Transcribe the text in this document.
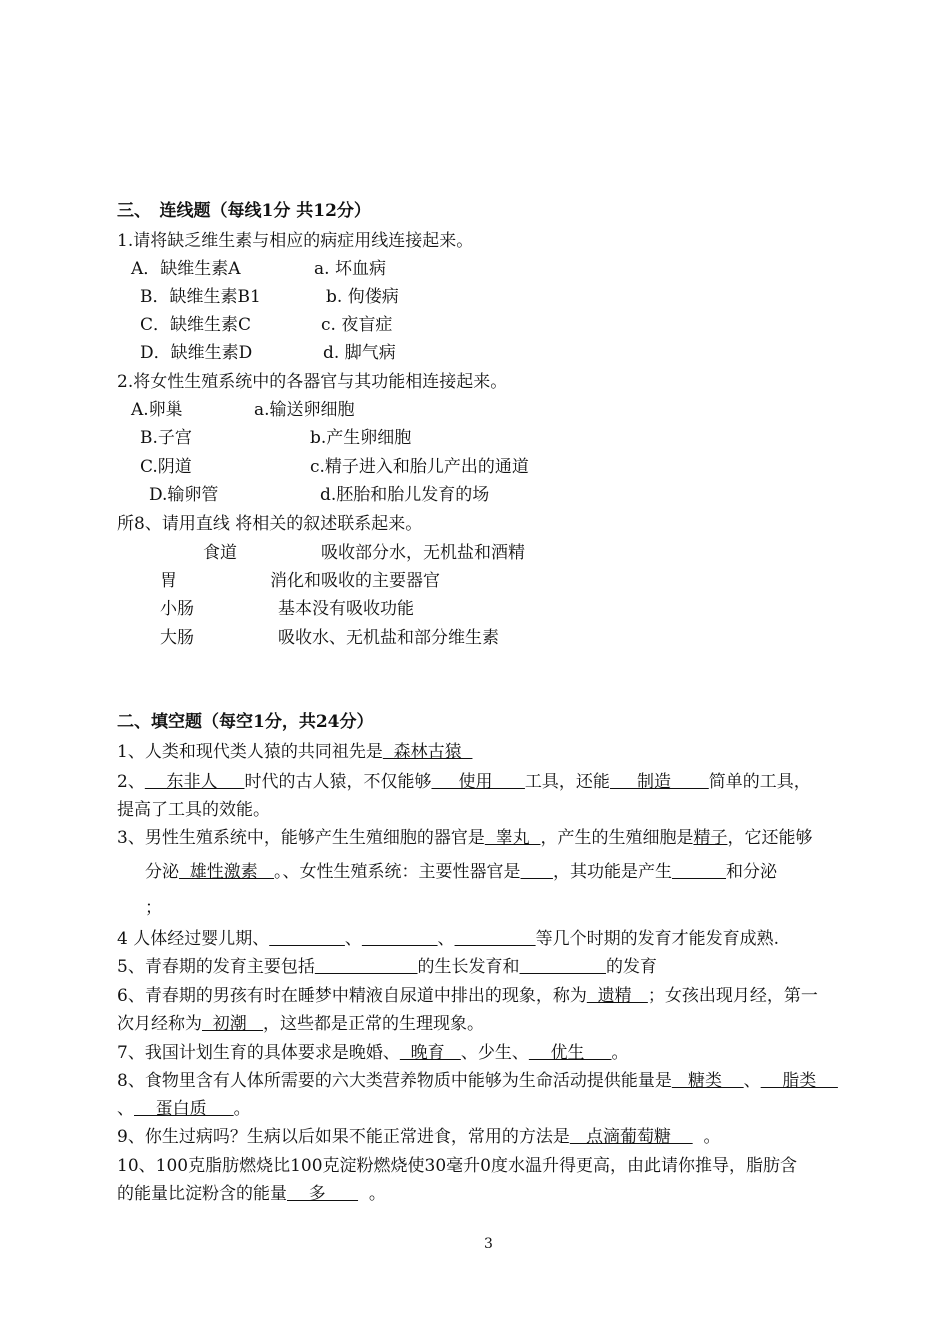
三、　连线题（每线1分 共12分）
1.请将缺乏维生素与相应的病症用线连接起来。
A．缺维生素A	a. 坏血病
B．缺维生素B1	b. 佝偻病
C．缺维生素C	c. 夜盲症
D．缺维生素D	d. 脚气病
2.将女性生殖系统中的各器官与其功能相连接起来。
A.卵巢	a.输送卵细胞
B.子宫	b.产生卵细胞
C.阴道	c.精子进入和胎儿产出的通道
D.输卵管	d.胚胎和胎儿发育的场
所8、请用直线 将相关的叙述联系起来。
食道	吸收部分水，无机盐和酒精
胃	消化和吸收的主要器官
小肠	基本没有吸收功能
大肠	吸收水、无机盐和部分维生素
二、填空题（每空1分，共24分）
1、人类和现代类人猿的共同祖先是  森林古猿
2、    东非人     时代的古人猿，不仅能够     使用      工具，还能     制造       简单的工具，
提高了工具的效能。
3、男性生殖系统中，能够产生生殖细胞的器官是  睾丸  ，产生的生殖细胞是精子，它还能够
分泌  雄性激素   。、女性生殖系统：主要性器官是 ，其功能是产生	和分泌
；
4 人体经过婴儿期、	、	、	等几个时期的发育才能发育成熟.
5、青春期的发育主要包括	的生长发育和	的发育
6、青春期的男孩有时在睡梦中精液自尿道中排出的现象，称为  遗精   ；女孩出现月经，第一
次月经称为  初潮   ，这些都是正常的生理现象。
7、我国计划生育的具体要求是晚婚、  晚育   、少生、    优生     。
8、食物里含有人体所需要的六大类营养物质中能够为生命活动提供能量是   糖类    、    脂类
、    蛋白质     。
9、你生过病吗？生病以后如果不能正常进食，常用的方法是   点滴葡萄糖      。
10、100克脂肪燃烧比100克淀粉燃烧使30毫升0度水温升得更高，由此请你推导，脂肪含
的能量比淀粉含的能量    多        。
3
